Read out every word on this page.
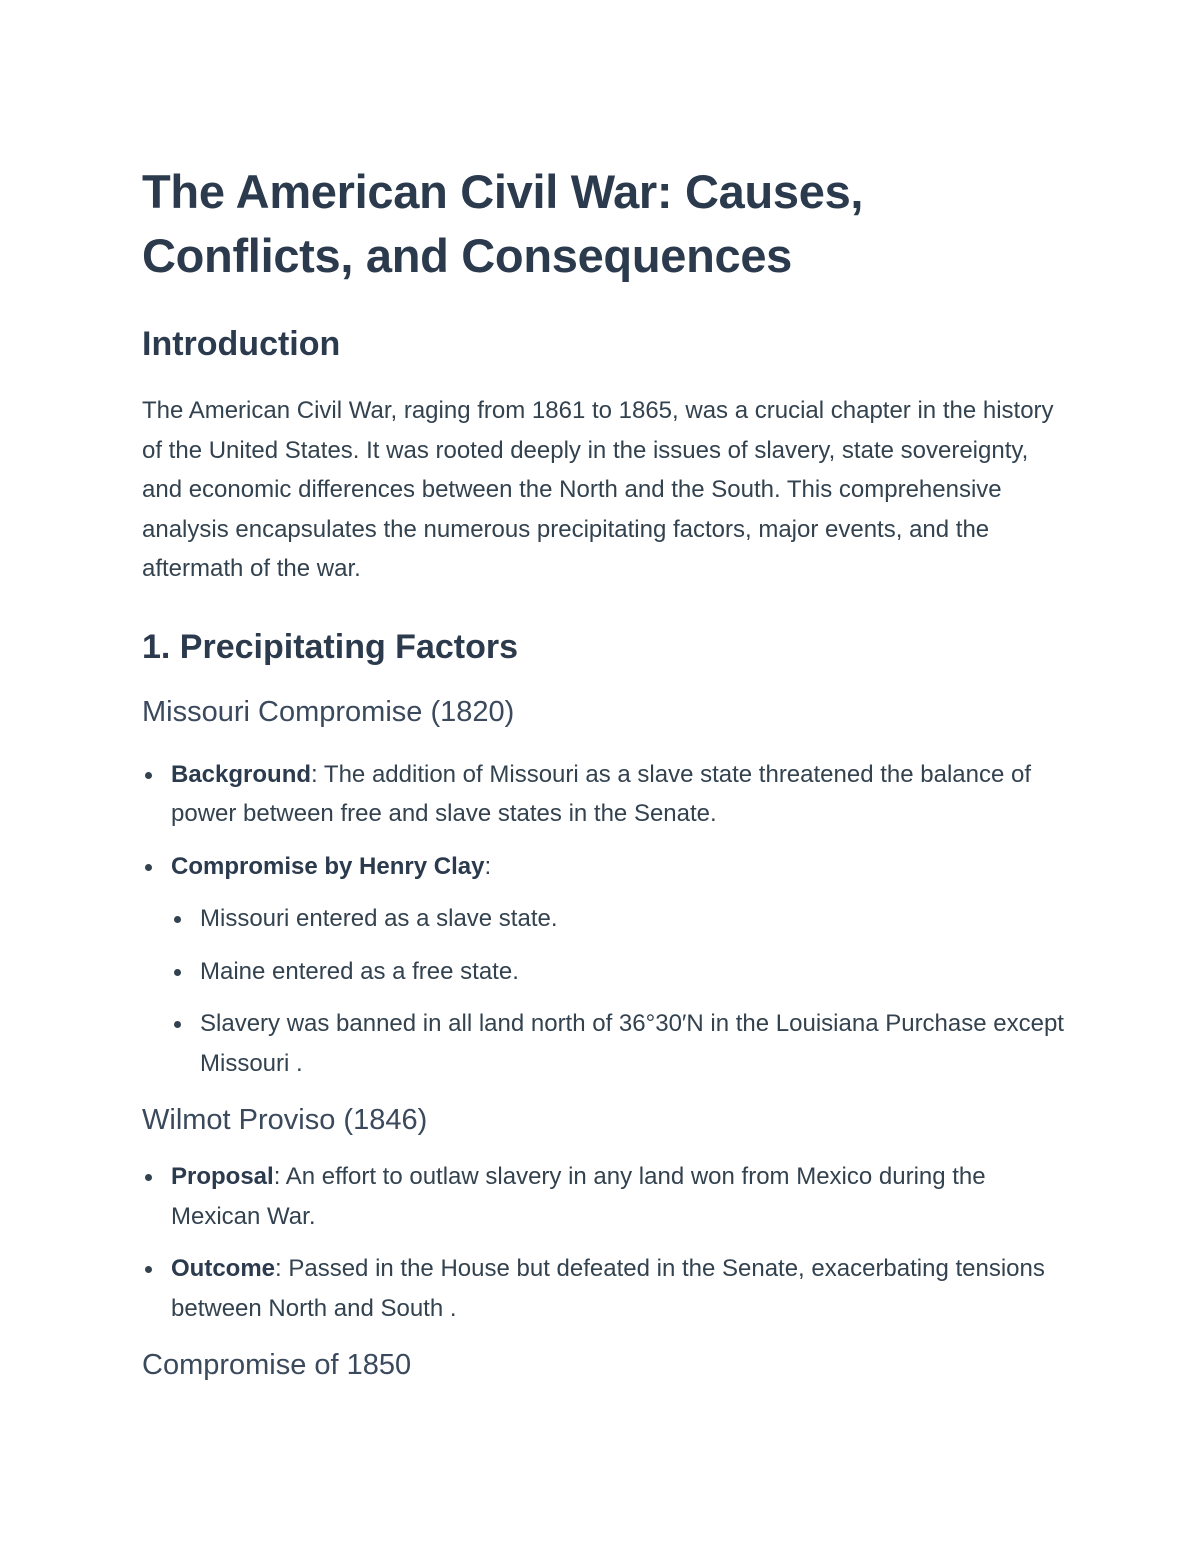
The American Civil War: Causes, Conflicts, and Consequences
Introduction

The American Civil War, raging from 1861 to 1865, was a crucial chapter in the history of the United States. It was rooted deeply in the issues of slavery, state sovereignty, and economic differences between the North and the South. This comprehensive analysis encapsulates the numerous precipitating factors, major events, and the aftermath of the war.

1. Precipitating Factors
Missouri Compromise (1820)
Background: The addition of Missouri as a slave state threatened the balance of power between free and slave states in the Senate.
Compromise by Henry Clay:
Missouri entered as a slave state.
Maine entered as a free state.
Slavery was banned in all land north of 36°30′N in the Louisiana Purchase except Missouri .
Wilmot Proviso (1846)
Proposal: An effort to outlaw slavery in any land won from Mexico during the Mexican War.
Outcome: Passed in the House but defeated in the Senate, exacerbating tensions between North and South .
Compromise of 1850
